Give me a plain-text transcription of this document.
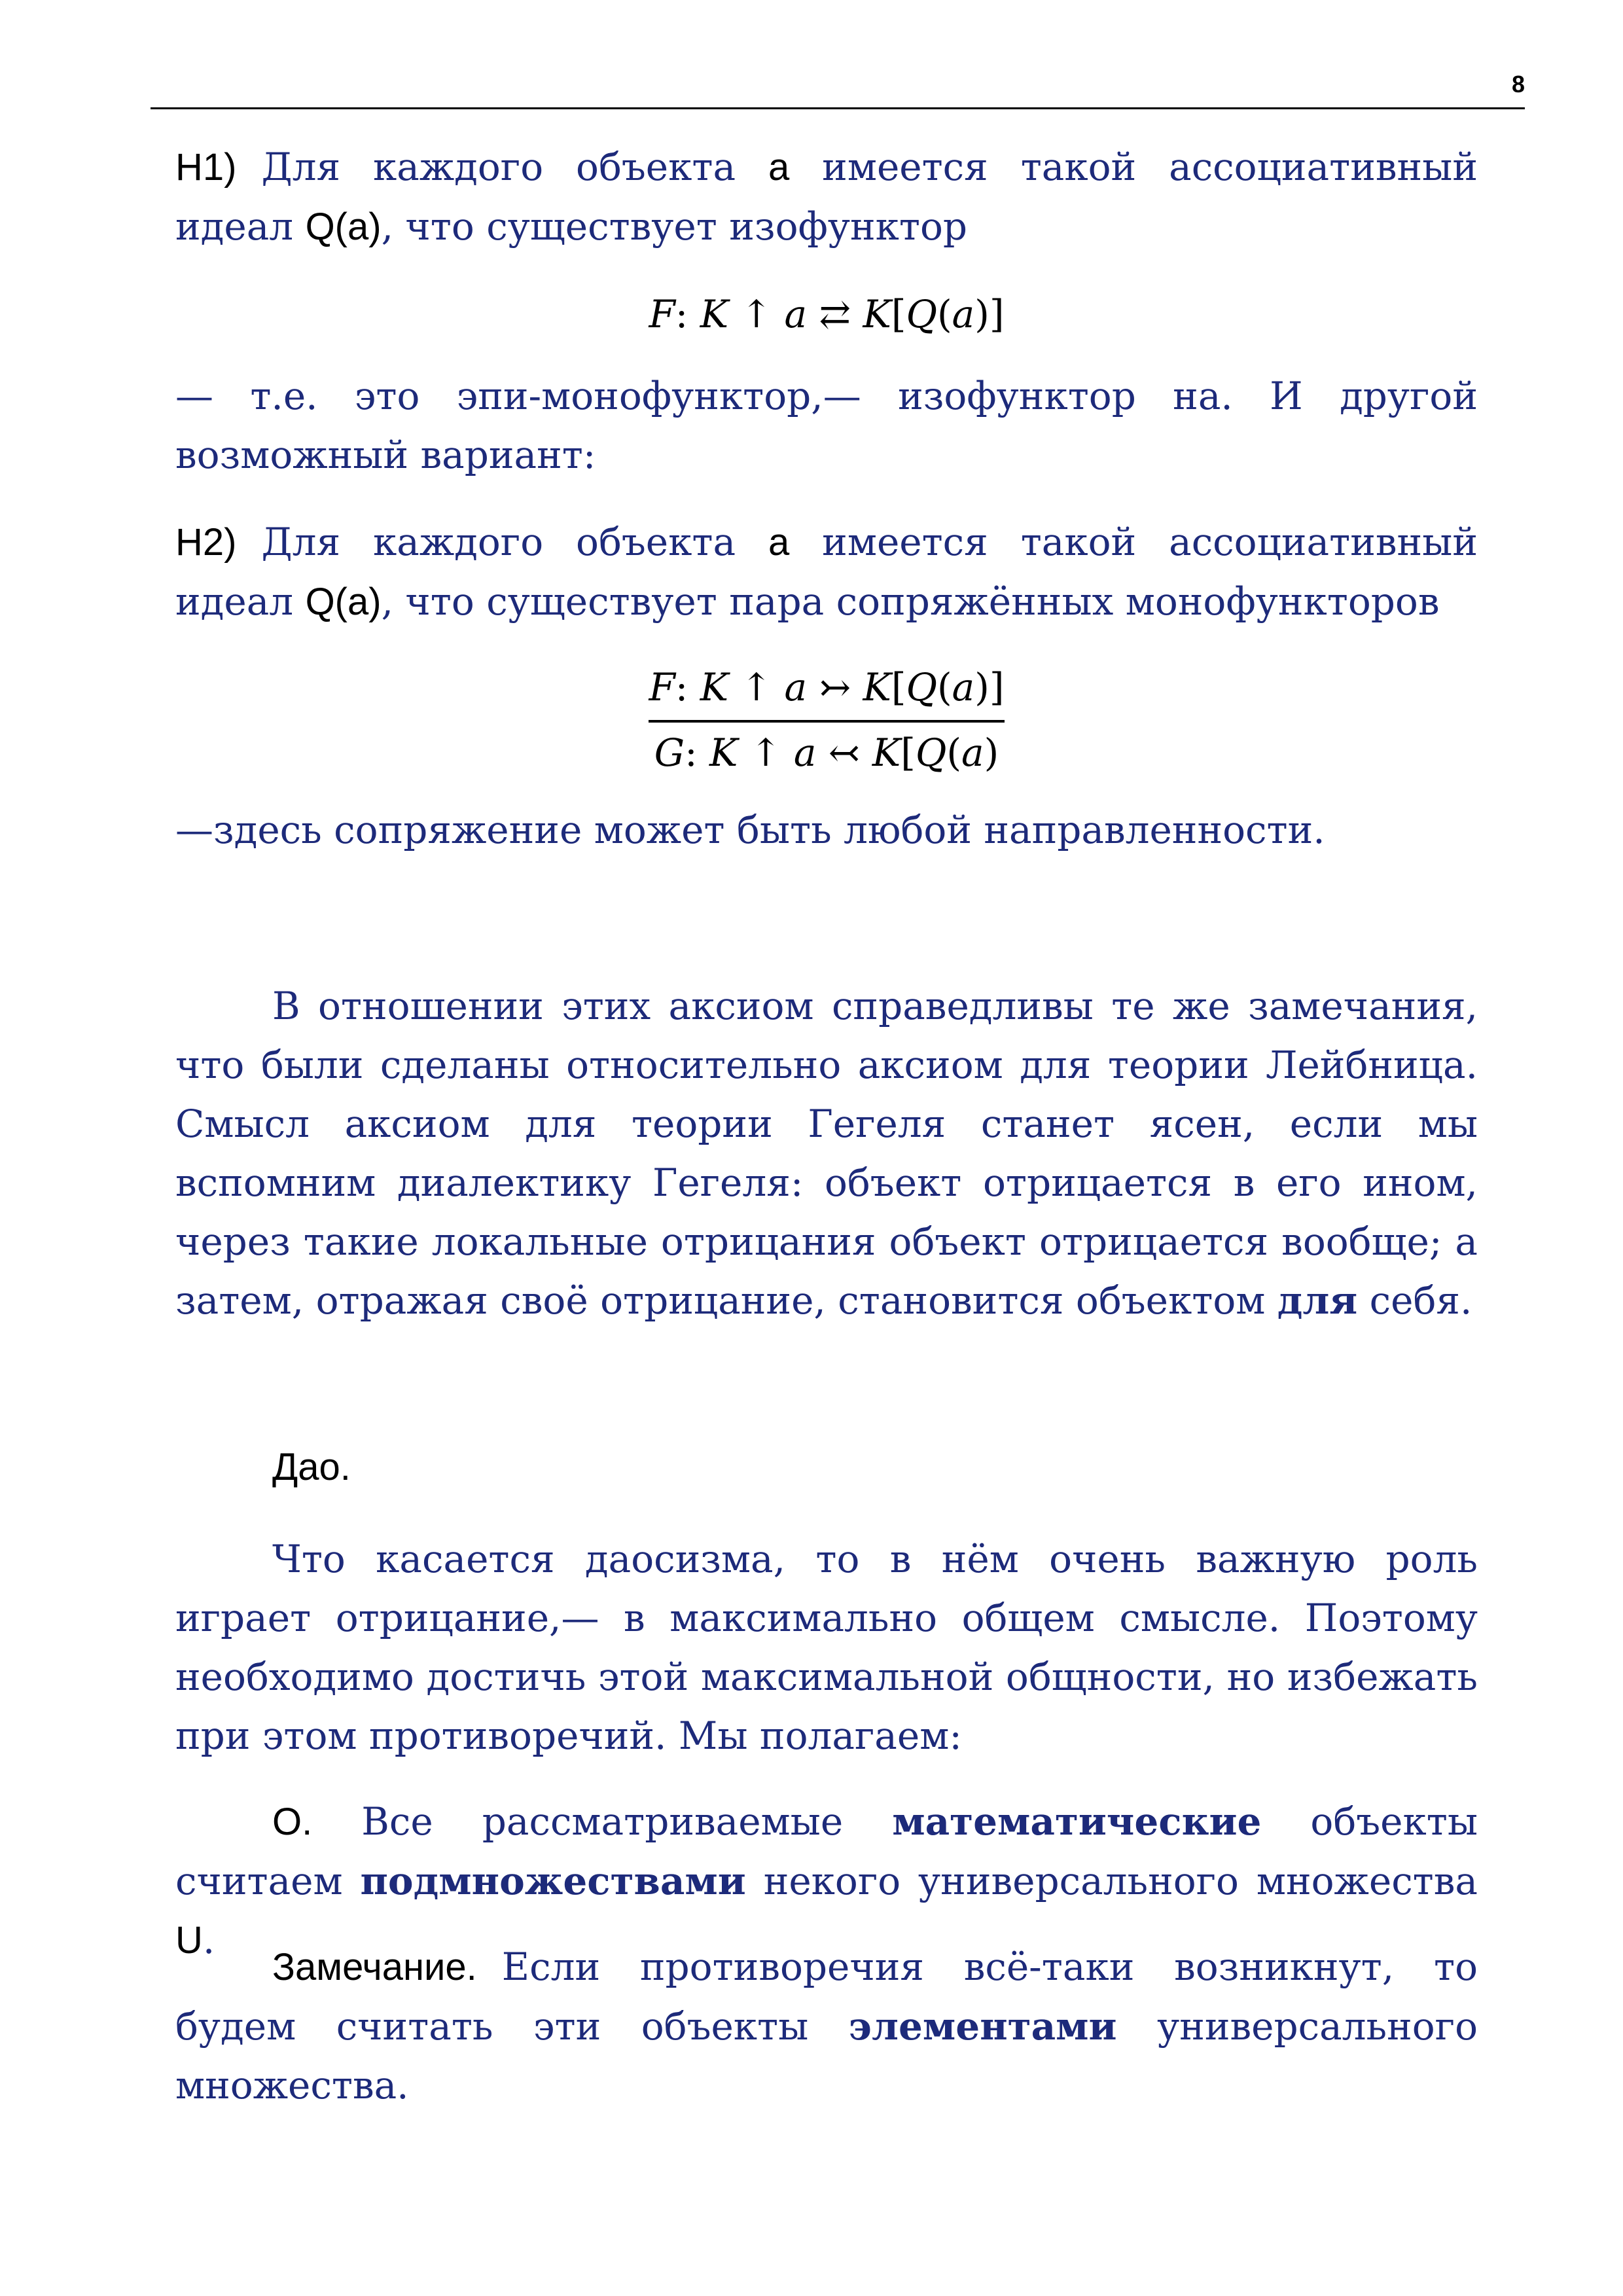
8
H1) Для каждого объекта a имеется такой ассоциативный идеал Q(a), что существует изофунктор
𝐹: 𝐾 ↑ 𝑎 ⇄ 𝐾[𝑄(𝑎)]
— т.е. это эпи-монофунктор,— изофунктор на. И другой возможный вариант:
H2) Для каждого объекта a имеется такой ассоциативный идеал Q(a), что существует пара сопряжённых монофункторов
$\frac{\text{𝐹: 𝐾 ↑ 𝑎 ↣ 𝐾[𝑄(𝑎)]}}{\text{𝐺: 𝐾 ↑ 𝑎 ↢ 𝐾[𝑄(𝑎)}}$
—здесь сопряжение может быть любой направленности.
В отношении этих аксиом справедливы те же замечания, что были сделаны относительно аксиом для теории Лейбница. Смысл аксиом для теории Гегеля станет ясен, если мы вспомним диалектику Гегеля: объект отрицается в его ином, через такие локальные отрицания объект отрицается вообще; а затем, отражая своё отрицание, становится объектом для себя.
Дао.
Что касается даосизма, то в нём очень важную роль играет отрицание,— в максимально общем смысле. Поэтому необходимо достичь этой максимальной общности, но избежать при этом противоречий. Мы полагаем:
O. Все рассматриваемые математические объекты считаем подмножествами некого универсального множества U.
Замечание. Если противоречия всё-таки возникнут, то будем считать эти объекты элементами универсального множества.
